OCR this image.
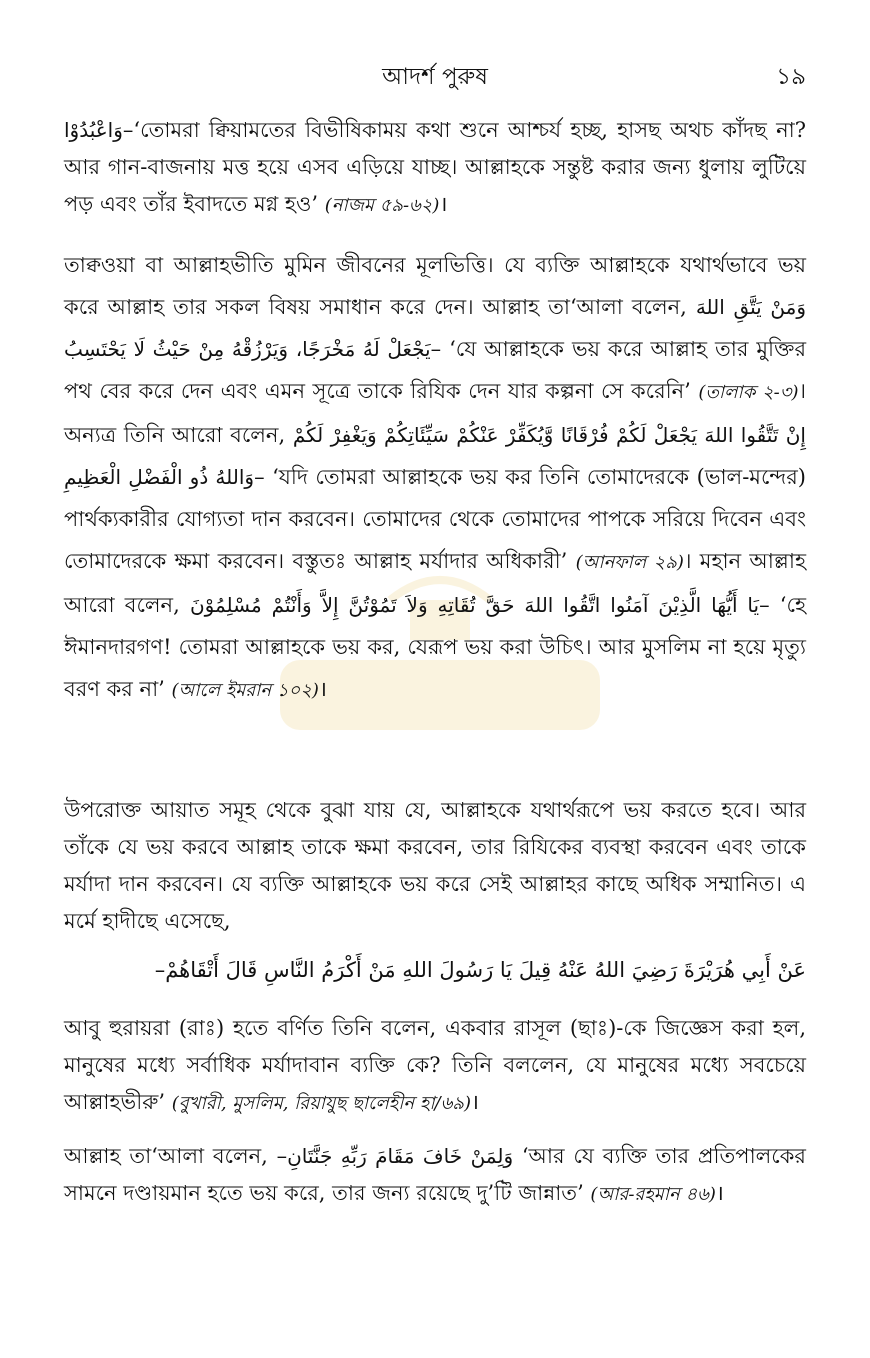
আদর্শ পুরুষ	১৯

وَاعْبُدُوْا–‘তোমরা ক্বিয়ামতের বিভীষিকাময় কথা শুনে আশ্চর্য হচ্ছ, হাসছ অথচ কাঁদছ না? আর গান-বাজনায় মত্ত হয়ে এসব এড়িয়ে যাচ্ছ। আল্লাহকে সন্তুষ্ট করার জন্য ধুলায় লুটিয়ে পড় এবং তাঁর ইবাদতে মগ্ন হও’ (নাজম ৫৯-৬২)।

তাক্বওয়া বা আল্লাহভীতি মুমিন জীবনের মূলভিত্তি। যে ব্যক্তি আল্লাহকে যথার্থভাবে ভয় করে আল্লাহ তার সকল বিষয় সমাধান করে দেন। আল্লাহ তা‘আলা বলেন, وَمَنْ يَتَّقِ اللهَ يَجْعَلْ لَهُ مَخْرَجًا، وَيَرْزُقْهُ مِنْ حَيْثُ لَا يَحْتَسِبُ– ‘যে আল্লাহকে ভয় করে আল্লাহ তার মুক্তির পথ বের করে দেন এবং এমন সূত্রে তাকে রিযিক দেন যার কল্পনা সে করেনি’ (তালাক ২-৩)। অন্যত্র তিনি আরো বলেন, إِنْ تَتَّقُوا اللهَ يَجْعَلْ لَكُمْ فُرْقَانًا وَّيُكَفِّرْ عَنْكُمْ سَيِّئَاتِكُمْ وَيَغْفِرْ لَكُمْ وَاللهُ ذُو الْفَضْلِ الْعَظِيمِ– ‘যদি তোমরা আল্লাহকে ভয় কর তিনি তোমাদেরকে (ভাল-মন্দের) পার্থক্যকারীর যোগ্যতা দান করবেন। তোমাদের থেকে তোমাদের পাপকে সরিয়ে দিবেন এবং তোমাদেরকে ক্ষমা করবেন। বস্তুতঃ আল্লাহ মর্যাদার অধিকারী’ (আনফাল ২৯)। মহান আল্লাহ আরো বলেন, يَا أَيُّهَا الَّذِيْنَ آمَنُوا اتَّقُوا اللهَ حَقَّ تُقَاتِهِ وَلاَ تَمُوْتُنَّ إِلاَّ وَأَنْتُمْ مُسْلِمُوْنَ– ‘হে ঈমানদারগণ! তোমরা আল্লাহকে ভয় কর, যেরূপ ভয় করা উচিৎ। আর মুসলিম না হয়ে মৃত্যু বরণ কর না’ (আলে ইমরান ১০২)।

উপরোক্ত আয়াত সমূহ থেকে বুঝা যায় যে, আল্লাহকে যথার্থরূপে ভয় করতে হবে। আর তাঁকে যে ভয় করবে আল্লাহ তাকে ক্ষমা করবেন, তার রিযিকের ব্যবস্থা করবেন এবং তাকে মর্যাদা দান করবেন। যে ব্যক্তি আল্লাহকে ভয় করে সেই আল্লাহর কাছে অধিক সম্মানিত। এ মর্মে হাদীছে এসেছে,

عَنْ أَبِي هُرَيْرَةَ رَضِيَ اللهُ عَنْهُ قِيلَ يَا رَسُولَ اللهِ مَنْ أَكْرَمُ النَّاسِ قَالَ أَتْقَاهُمْ–

আবু হুরায়রা (রাঃ) হতে বর্ণিত তিনি বলেন, একবার রাসূল (ছাঃ)-কে জিজ্ঞেস করা হল, মানুষের মধ্যে সর্বাধিক মর্যাদাবান ব্যক্তি কে? তিনি বললেন, যে মানুষের মধ্যে সবচেয়ে আল্লাহভীরু’ (বুখারী, মুসলিম, রিয়াযুছ ছালেহীন হা/৬৯)।

আল্লাহ তা‘আলা বলেন, –وَلِمَنْ خَافَ مَقَامَ رَبِّهِ جَنَّتَانِ ‘আর যে ব্যক্তি তার প্রতিপালকের সামনে দণ্ডায়মান হতে ভয় করে, তার জন্য রয়েছে দু’টি জান্নাত’ (আর-রহমান ৪৬)।
